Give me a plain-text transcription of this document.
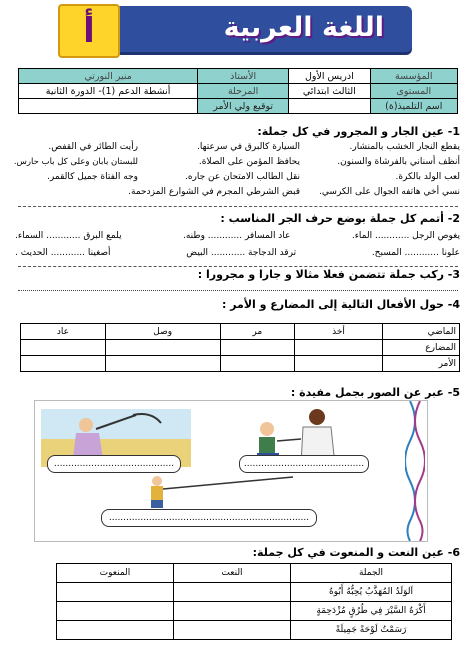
اللغة العربية
أ
منير النورتي	الأستاذ	ادريس الأول	المؤسسة
أنشطة الدعم (1)- الدورة الثانية	المرحلة	الثالث ابتدائي	المستوى
	توقيع ولي الأمر		اسم التلميذ(ة)
1- عين الجار و المجرور في كل جملة:
يقطع النجار الخشب بالمنشار.
أنظف أسناني بالفرشاة والسنون.
لعب الولد بالكرة.
نسي أخي هاتفه الجوال على الكرسي.
السيارة كالبرق في سرعتها.
يحافظ المؤمن على الصلاة.
نقل الطالب الامتحان عن جاره.
قبض الشرطي المجرم في الشوارع المزدحمة.
رأيت الطائر في القفص.
للبستان بابان وعلى كل باب حارس.
وجه الفتاة جميل كالقمر.
2- أتمم كل جملة بوضع حرف الجر المناسب :
يغوص الرجل ............ الماء.
عاد المسافر ............ وطنه.
يلمع البرق ............ السماء.
علونا ............ المسبح.
ترقد الدجاجة ............ البيض
أصغينا ............ الحديث .
3- ركب جملة تتضمن فعلا مثالا و جارا و مجرورا :
4- حول الأفعال التالية إلى المضارع و الأمر :
عاد	وصل	مر	أخذ	الماضي
				المضارع
				الأمر
5- عبر عن الصور بجمل مفيدة :
..........................................	..........................................
......................................................................
6- عين النعت و المنعوت في كل جملة:
المنعوت	النعت	الجملة
		اَلوَلَدُ المُهَذَّبُ يُحِبُّهُ أَبُوهُ
		أَكْرَهُ السَّيْرَ فِي طُرُقٍ مُزْدَحِمَةٍ
		رَسَمْتُ لَوْحَةً جَمِيلَةً
